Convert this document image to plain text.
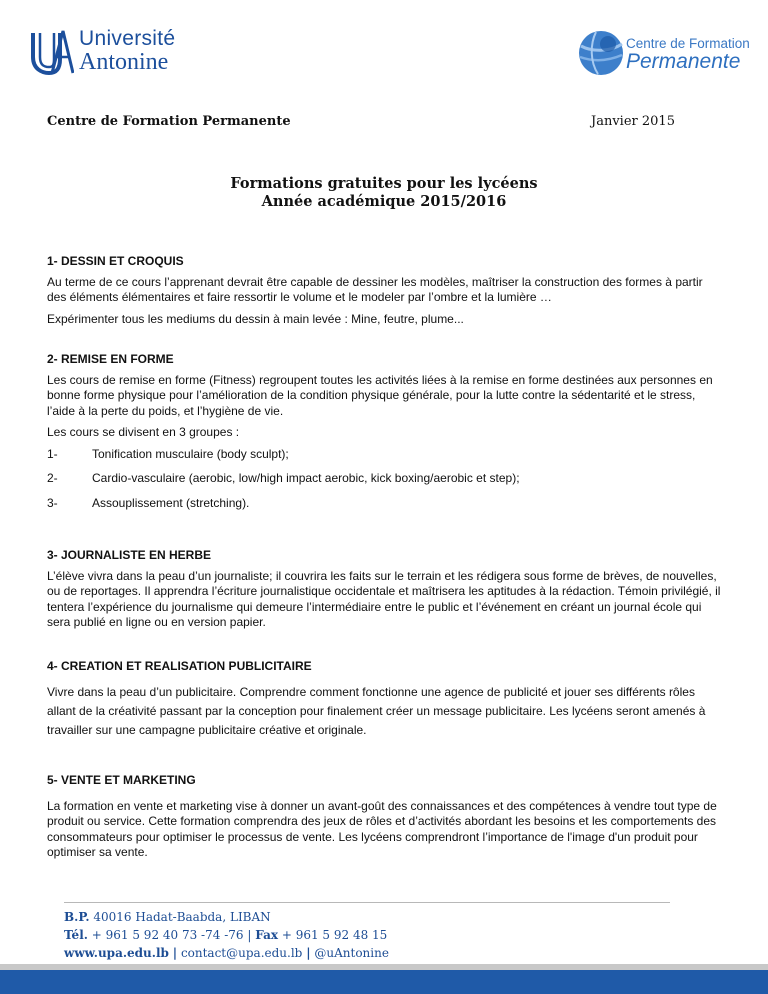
Université
Antonine
Centre de Formation
Permanente
Centre de Formation Permanente	Janvier 2015
Formations gratuites pour les lycéens
Année académique 2015/2016
1- DESSIN ET CROQUIS

Au terme de ce cours l’apprenant devrait être capable de dessiner les modèles, maîtriser la construction des formes à partir des éléments élémentaires et faire ressortir le volume et le modeler par l’ombre et la lumière …

Expérimenter tous les mediums du dessin à main levée : Mine, feutre, plume...

2- REMISE EN FORME

Les cours de remise en forme (Fitness) regroupent toutes les activités liées à la remise en forme destinées aux personnes en bonne forme physique pour l’amélioration de la condition physique générale, pour la lutte contre la sédentarité et le stress, l’aide à la perte du poids, et l’hygiène de vie.

Les cours se divisent en 3 groupes :

1-	Tonification musculaire (body sculpt);
2-	Cardio-vasculaire (aerobic, low/high impact aerobic, kick boxing/aerobic et step);
3-	Assouplissement (stretching).
3- JOURNALISTE EN HERBE

L’élève vivra dans la peau d’un journaliste; il couvrira les faits sur le terrain et les rédigera sous forme de brèves, de nouvelles, ou de reportages. Il apprendra l’écriture journalistique occidentale et maîtrisera les aptitudes à la rédaction. Témoin privilégié, il tentera l’expérience du journalisme qui demeure l’intermédiaire entre le public et l’événement en créant un journal école qui sera publié en ligne ou en version papier.

4- CREATION ET REALISATION PUBLICITAIRE

Vivre dans la peau d’un publicitaire. Comprendre comment fonctionne une agence de publicité et jouer ses différents rôles allant de la créativité passant par la conception pour finalement créer un message publicitaire. Les lycéens seront amenés à travailler sur une campagne publicitaire créative et originale.

5- VENTE ET MARKETING

La formation en vente et marketing vise à donner un avant-goût des connaissances et des compétences à vendre tout type de produit ou service. Cette formation comprendra des jeux de rôles et d’activités abordant les besoins et les comportements des consommateurs pour optimiser le processus de vente. Les lycéens comprendront l’importance de l'image d'un produit pour optimiser sa vente.

B.P. 40016 Hadat-Baabda, LIBAN
Tél. + 961 5 92 40 73 -74 -76 | Fax + 961 5 92 48 15
www.upa.edu.lb | contact@upa.edu.lb | @uAntonine
